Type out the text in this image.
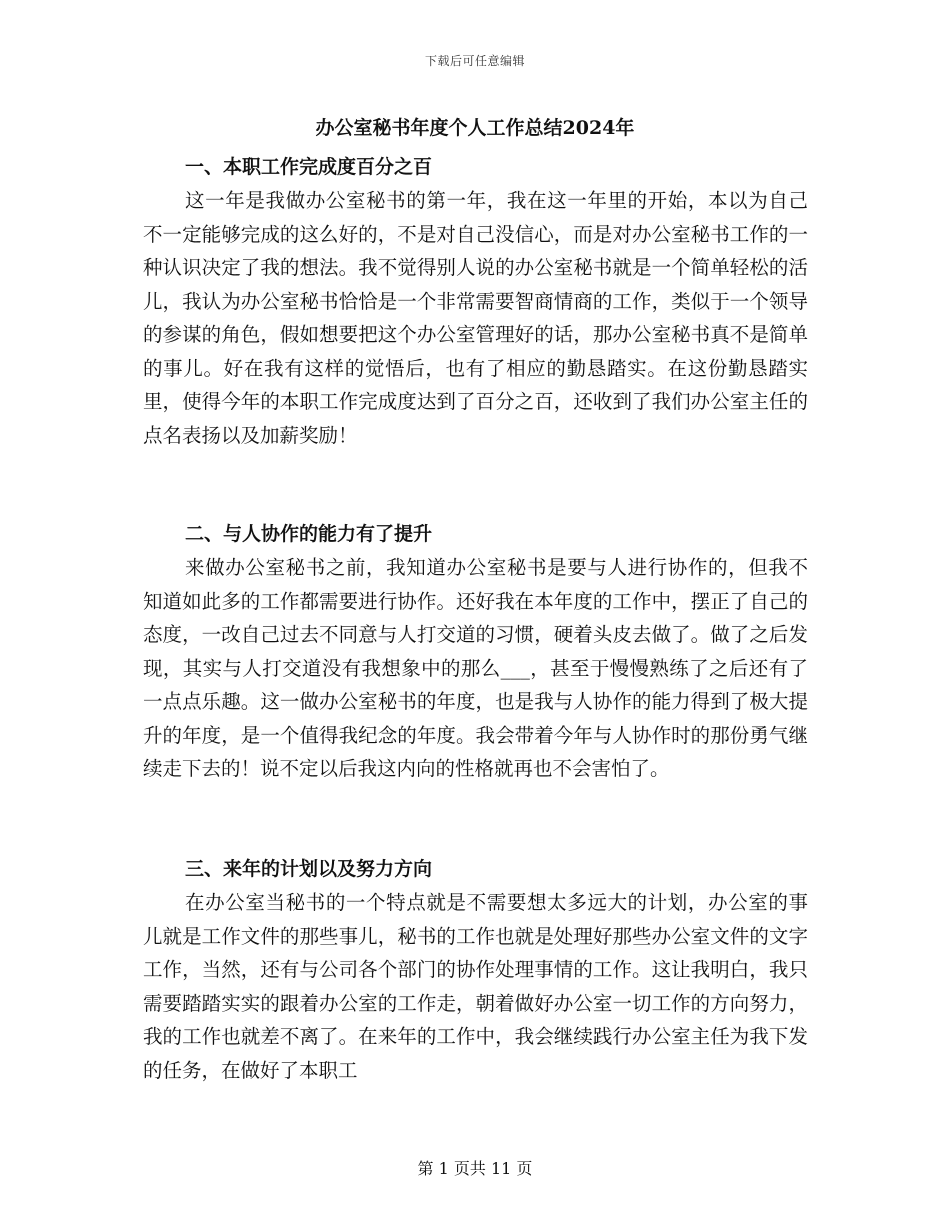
下载后可任意编辑
办公室秘书年度个人工作总结2024年

一、本职工作完成度百分之百

这一年是我做办公室秘书的第一年，我在这一年里的开始，本以为自己不一定能够完成的这么好的，不是对自己没信心，而是对办公室秘书工作的一种认识决定了我的想法。我不觉得别人说的办公室秘书就是一个简单轻松的活儿，我认为办公室秘书恰恰是一个非常需要智商情商的工作，类似于一个领导的参谋的角色，假如想要把这个办公室管理好的话，那办公室秘书真不是简单的事儿。好在我有这样的觉悟后，也有了相应的勤恳踏实。在这份勤恳踏实里，使得今年的本职工作完成度达到了百分之百，还收到了我们办公室主任的点名表扬以及加薪奖励！

二、与人协作的能力有了提升

来做办公室秘书之前，我知道办公室秘书是要与人进行协作的，但我不知道如此多的工作都需要进行协作。还好我在本年度的工作中，摆正了自己的态度，一改自己过去不同意与人打交道的习惯，硬着头皮去做了。做了之后发现，其实与人打交道没有我想象中的那么___，甚至于慢慢熟练了之后还有了一点点乐趣。这一做办公室秘书的年度，也是我与人协作的能力得到了极大提升的年度，是一个值得我纪念的年度。我会带着今年与人协作时的那份勇气继续走下去的！说不定以后我这内向的性格就再也不会害怕了。

三、来年的计划以及努力方向

在办公室当秘书的一个特点就是不需要想太多远大的计划，办公室的事儿就是工作文件的那些事儿，秘书的工作也就是处理好那些办公室文件的文字工作，当然，还有与公司各个部门的协作处理事情的工作。这让我明白，我只需要踏踏实实的跟着办公室的工作走，朝着做好办公室一切工作的方向努力，我的工作也就差不离了。在来年的工作中，我会继续践行办公室主任为我下发的任务，在做好了本职工

第 1 页共 11 页
